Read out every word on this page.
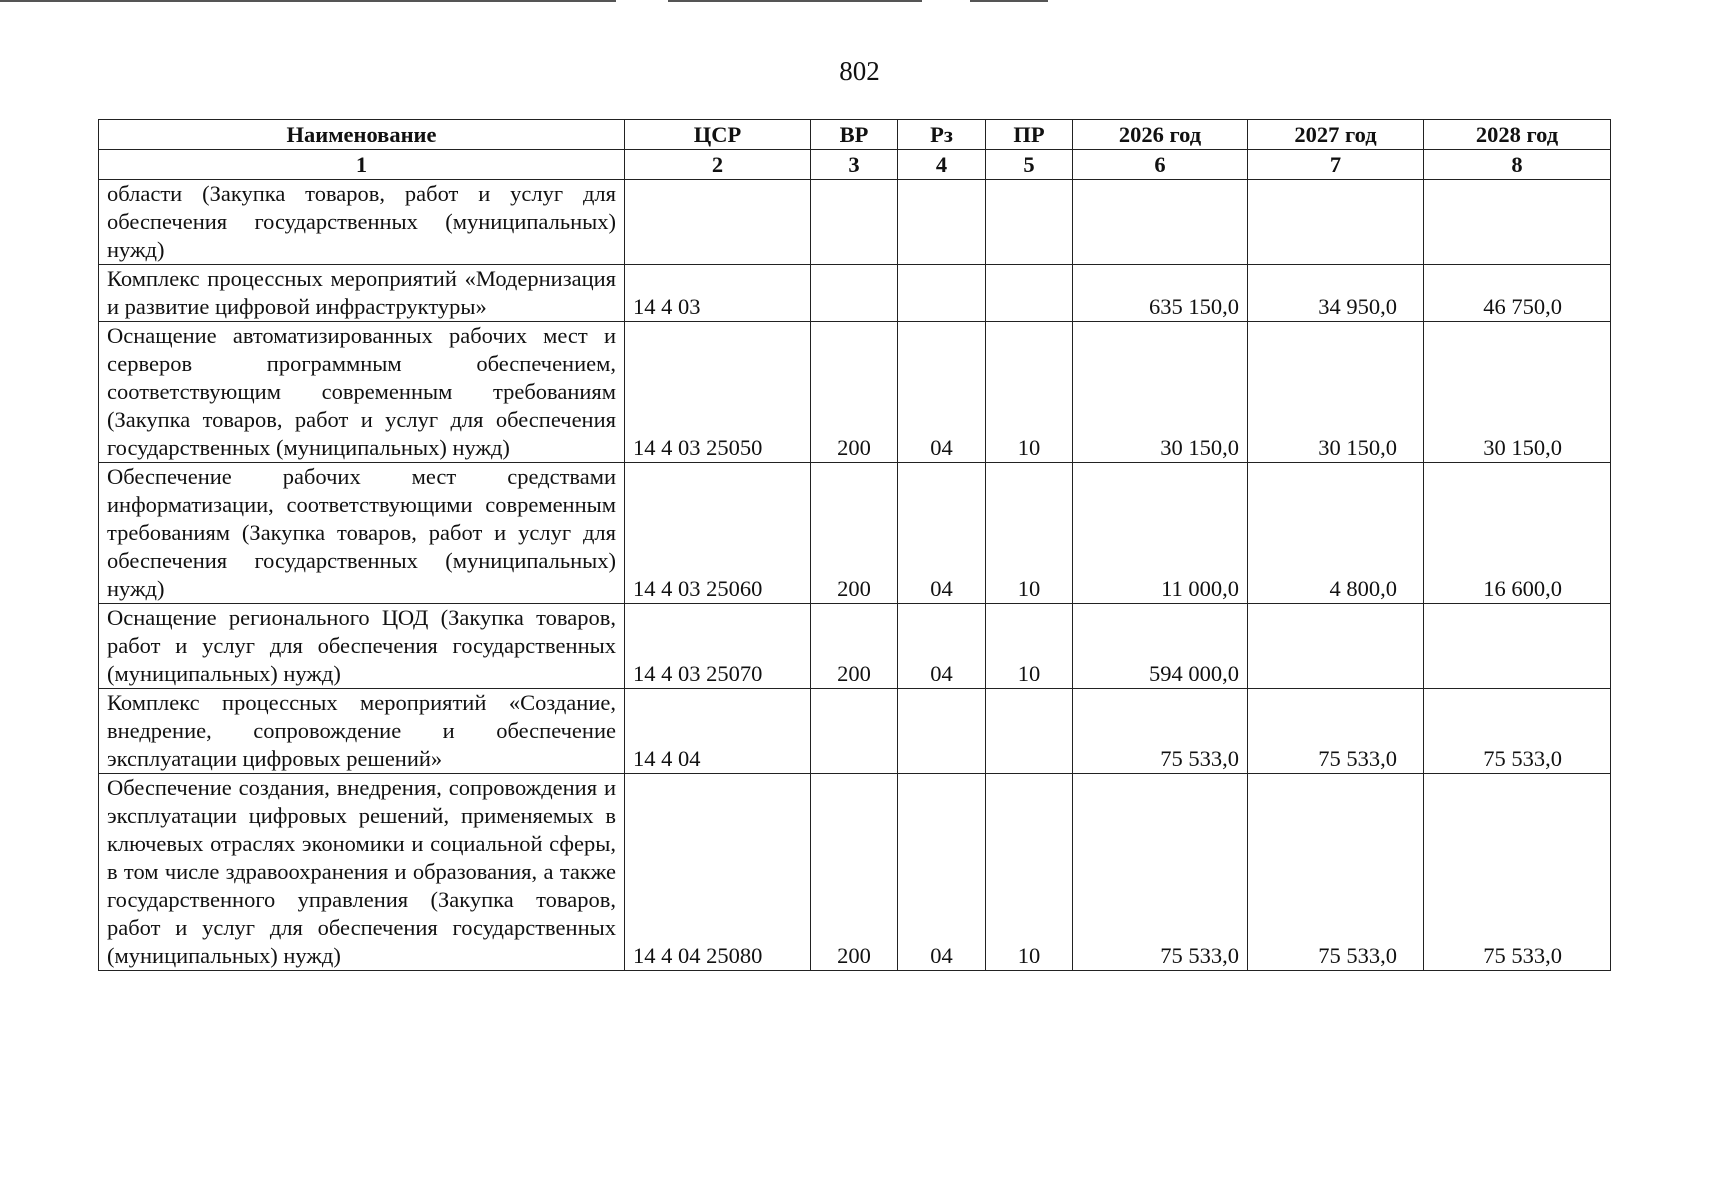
802
Наименование	ЦСР	ВР	Рз	ПР	2026 год	2027 год	2028 год
1	2	3	4	5	6	7	8
области (Закупка товаров, работ и услуг для обеспечения государственных (муниципальных) нужд)							
Комплекс процессных мероприятий «Модернизация и развитие цифровой инфраструктуры»	14 4 03				635 150,0	34 950,0	46 750,0
Оснащение автоматизированных рабочих мест и серверов программным обеспечением, соответствующим современным требованиям (Закупка товаров, работ и услуг для обеспечения государственных (муниципальных) нужд)	14 4 03 25050	200	04	10	30 150,0	30 150,0	30 150,0
Обеспечение рабочих мест средствами информатизации, соответствующими современным требованиям (Закупка товаров, работ и услуг для обеспечения государственных (муниципальных) нужд)	14 4 03 25060	200	04	10	11 000,0	4 800,0	16 600,0
Оснащение регионального ЦОД (Закупка товаров, работ и услуг для обеспечения государственных (муниципальных) нужд)	14 4 03 25070	200	04	10	594 000,0		
Комплекс процессных мероприятий «Создание, внедрение, сопровождение и обеспечение эксплуатации цифровых решений»	14 4 04				75 533,0	75 533,0	75 533,0
Обеспечение создания, внедрения, сопровождения и эксплуатации цифровых решений, применяемых в ключевых отраслях экономики и социальной сферы, в том числе здравоохранения и образования, а также государственного управления (Закупка товаров, работ и услуг для обеспечения государственных (муниципальных) нужд)	14 4 04 25080	200	04	10	75 533,0	75 533,0	75 533,0
